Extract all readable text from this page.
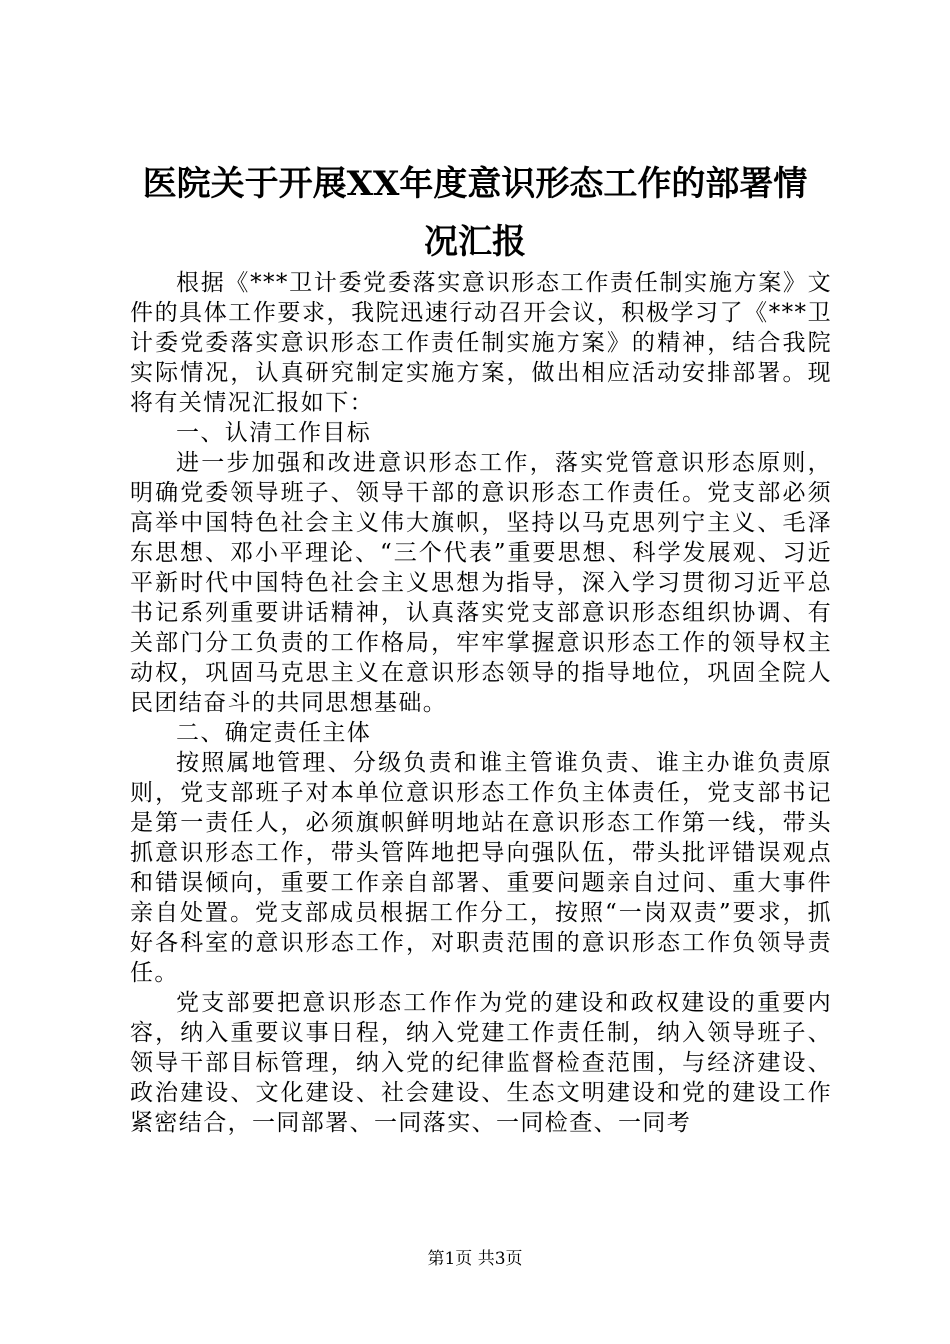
医院关于开展XX年度意识形态工作的部署情
况汇报

根据《***卫计委党委落实意识形态工作责任制实施方案》文件的具体工作要求，我院迅速行动召开会议，积极学习了《***卫计委党委落实意识形态工作责任制实施方案》的精神，结合我院实际情况，认真研究制定实施方案，做出相应活动安排部署。现将有关情况汇报如下：

一、认清工作目标

进一步加强和改进意识形态工作，落实党管意识形态原则，明确党委领导班子、领导干部的意识形态工作责任。党支部必须高举中国特色社会主义伟大旗帜，坚持以马克思列宁主义、毛泽东思想、邓小平理论、“三个代表”重要思想、科学发展观、习近平新时代中国特色社会主义思想为指导，深入学习贯彻习近平总书记系列重要讲话精神，认真落实党支部意识形态组织协调、有关部门分工负责的工作格局，牢牢掌握意识形态工作的领导权主动权，巩固马克思主义在意识形态领导的指导地位，巩固全院人民团结奋斗的共同思想基础。

二、确定责任主体

按照属地管理、分级负责和谁主管谁负责、谁主办谁负责原则，党支部班子对本单位意识形态工作负主体责任，党支部书记是第一责任人，必须旗帜鲜明地站在意识形态工作第一线，带头抓意识形态工作，带头管阵地把导向强队伍，带头批评错误观点和错误倾向，重要工作亲自部署、重要问题亲自过问、重大事件亲自处置。党支部成员根据工作分工，按照“一岗双责”要求，抓好各科室的意识形态工作，对职责范围的意识形态工作负领导责任。

党支部要把意识形态工作作为党的建设和政权建设的重要内容，纳入重要议事日程，纳入党建工作责任制，纳入领导班子、领导干部目标管理，纳入党的纪律监督检查范围，与经济建设、政治建设、文化建设、社会建设、生态文明建设和党的建设工作紧密结合，一同部署、一同落实、一同检查、一同考

第1页 共3页
